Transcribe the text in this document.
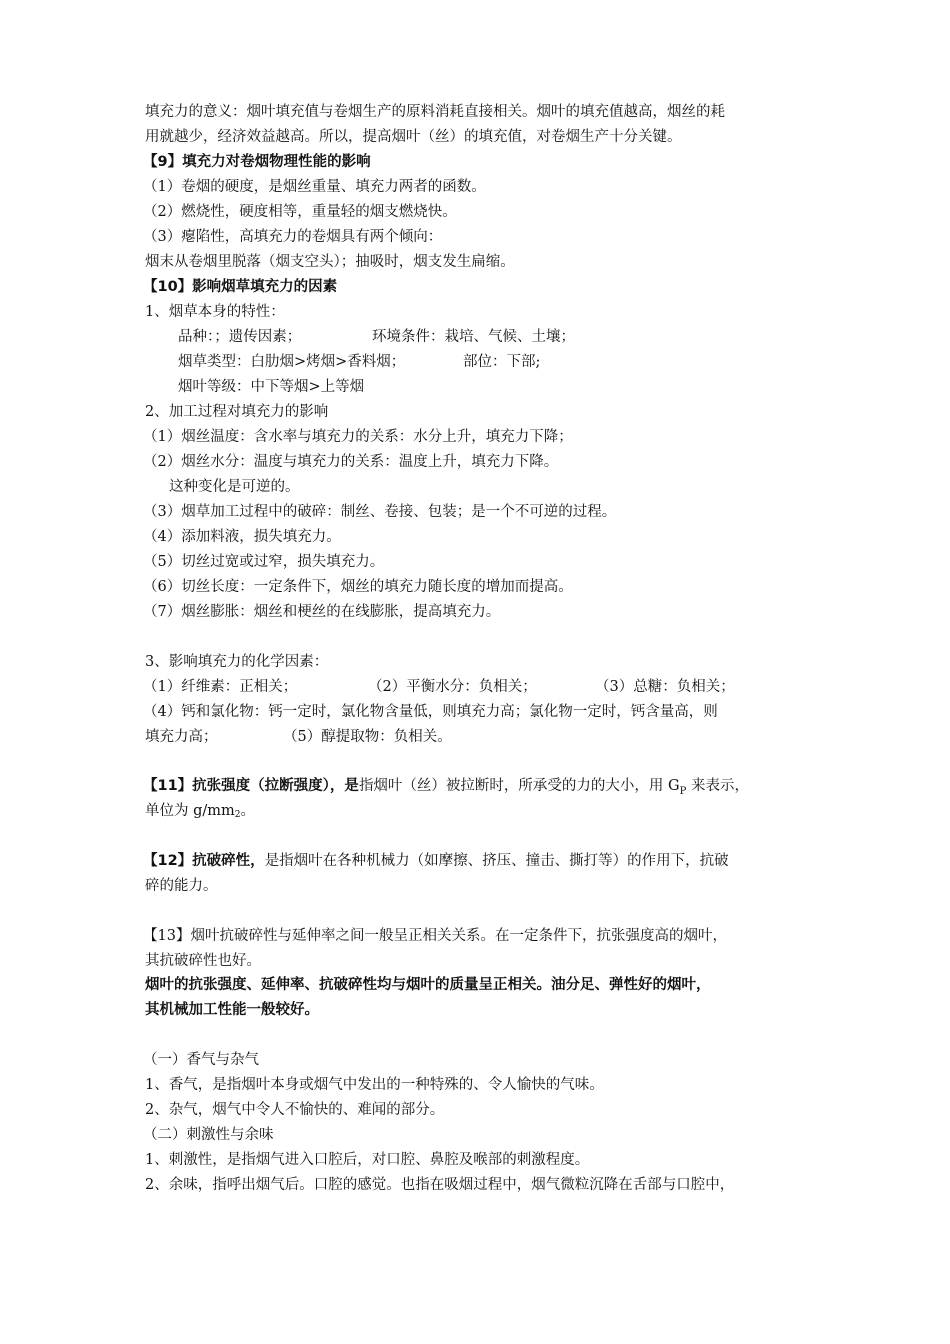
填充力的意义：烟叶填充值与卷烟生产的原料消耗直接相关。烟叶的填充值越高，烟丝的耗
用就越少，经济效益越高。所以，提高烟叶（丝）的填充值，对卷烟生产十分关键。
【9】填充力对卷烟物理性能的影响
（1）卷烟的硬度，是烟丝重量、填充力两者的函数。
（2）燃烧性，硬度相等，重量轻的烟支燃烧快。
（3）瘪陷性，高填充力的卷烟具有两个倾向：
烟末从卷烟里脱落（烟支空头）；抽吸时，烟支发生扁缩。
【10】影响烟草填充力的因素
1、烟草本身的特性：
品种：；遗传因素；	环境条件：栽培、气候、土壤；
烟草类型：白肋烟>烤烟>香料烟；	部位：下部;
烟叶等级：中下等烟>上等烟
2、加工过程对填充力的影响
（1）烟丝温度：含水率与填充力的关系：水分上升，填充力下降；
（2）烟丝水分：温度与填充力的关系：温度上升，填充力下降。
这种变化是可逆的。
（3）烟草加工过程中的破碎：制丝、卷接、包装；是一个不可逆的过程。
（4）添加料液，损失填充力。
（5）切丝过宽或过窄，损失填充力。
（6）切丝长度：一定条件下，烟丝的填充力随长度的增加而提高。
（7）烟丝膨胀：烟丝和梗丝的在线膨胀，提高填充力。
3、影响填充力的化学因素：
（1）纤维素：正相关；	（2）平衡水分：负相关；	（3）总糖：负相关；
（4）钙和氯化物：钙一定时，氯化物含量低，则填充力高；氯化物一定时，钙含量高，则
填充力高；	（5）醇提取物：负相关。
【11】抗张强度（拉断强度），是指烟叶（丝）被拉断时，所承受的力的大小，用 $G_P$ 来表示，
单位为 $g/mm^2$。
【12】抗破碎性，是指烟叶在各种机械力（如摩擦、挤压、撞击、撕打等）的作用下，抗破
碎的能力。
【13】烟叶抗破碎性与延伸率之间一般呈正相关关系。在一定条件下，抗张强度高的烟叶，
其抗破碎性也好。
烟叶的抗张强度、延伸率、抗破碎性均与烟叶的质量呈正相关。油分足、弹性好的烟叶，
其机械加工性能一般较好。
（一）香气与杂气
1、香气，是指烟叶本身或烟气中发出的一种特殊的、令人愉快的气味。
2、杂气，烟气中令人不愉快的、难闻的部分。
（二）刺激性与余味
1、刺激性，是指烟气进入口腔后，对口腔、鼻腔及喉部的刺激程度。
2、余味，指呼出烟气后。口腔的感觉。也指在吸烟过程中，烟气微粒沉降在舌部与口腔中，
